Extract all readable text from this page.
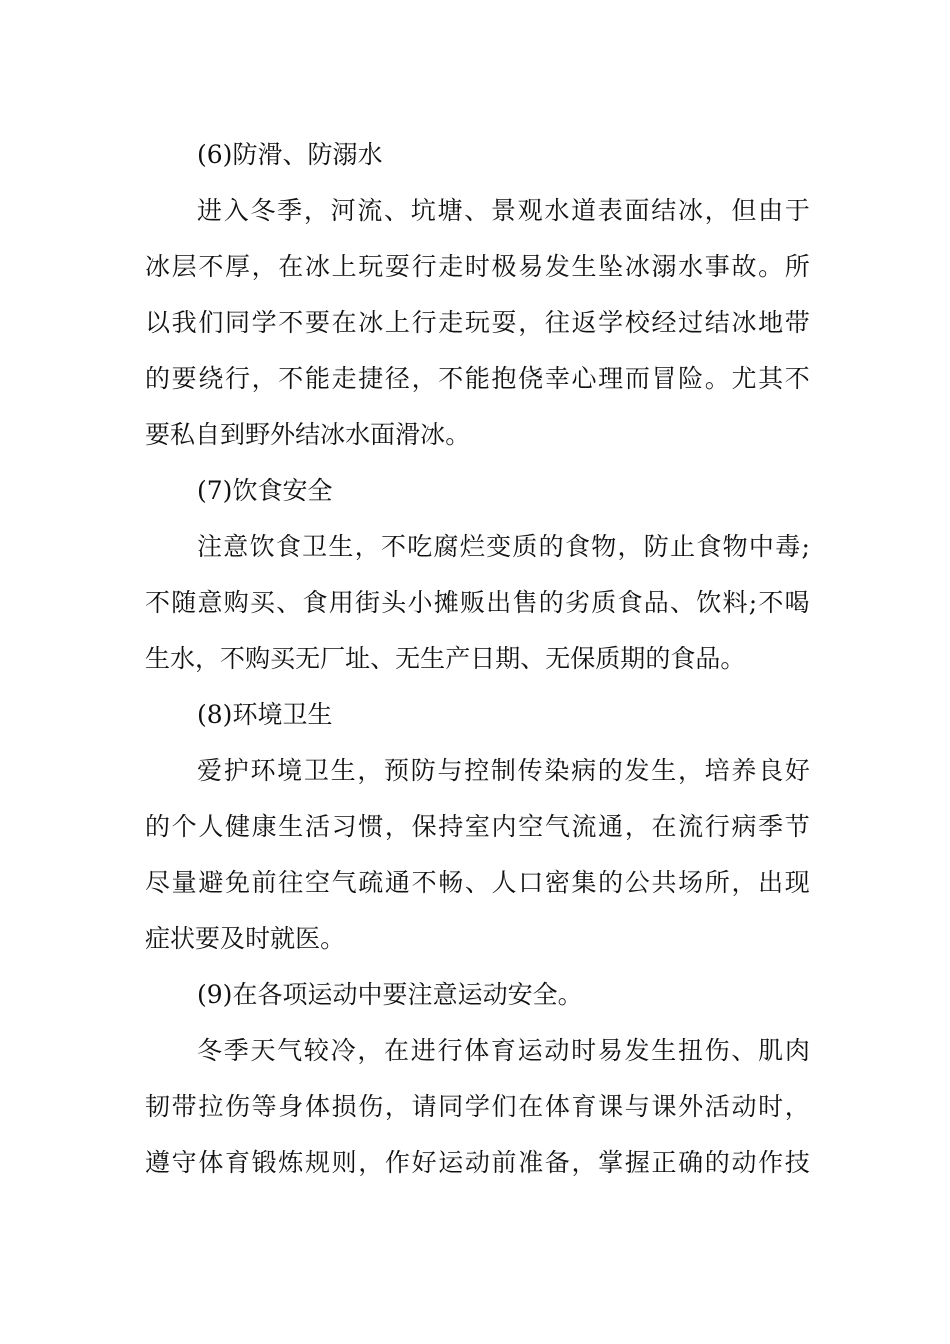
( 6 ) 防 滑 、 防 溺 水
进 入 冬 季 ， 河 流 、 坑 塘 、 景 观 水 道 表 面 结 冰 ， 但 由 于
冰 层 不 厚 ， 在 冰 上 玩 耍 行 走 时 极 易 发 生 坠 冰 溺 水 事 故 。 所
以 我 们 同 学 不 要 在 冰 上 行 走 玩 耍 ， 往 返 学 校 经 过 结 冰 地 带
的 要 绕 行 ， 不 能 走 捷 径 ， 不 能 抱 侥 幸 心 理 而 冒 险 。 尤 其 不
要 私 自 到 野 外 结 冰 水 面 滑 冰 。
( 7 ) 饮 食 安 全
注 意 饮 食 卫 生 ， 不 吃 腐 烂 变 质 的 食 物 ， 防 止 食 物 中 毒 ;
不 随 意 购 买 、 食 用 街 头 小 摊 贩 出 售 的 劣 质 食 品 、 饮 料 ; 不 喝
生 水 ， 不 购 买 无 厂 址 、 无 生 产 日 期 、 无 保 质 期 的 食 品 。
( 8 ) 环 境 卫 生
爱 护 环 境 卫 生 ， 预 防 与 控 制 传 染 病 的 发 生 ， 培 养 良 好
的 个 人 健 康 生 活 习 惯 ， 保 持 室 内 空 气 流 通 ， 在 流 行 病 季 节
尽 量 避 免 前 往 空 气 疏 通 不 畅 、 人 口 密 集 的 公 共 场 所 ， 出 现
症 状 要 及 时 就 医 。
( 9 ) 在 各 项 运 动 中 要 注 意 运 动 安 全 。
冬 季 天 气 较 冷 ， 在 进 行 体 育 运 动 时 易 发 生 扭 伤 、 肌 肉
韧 带 拉 伤 等 身 体 损 伤 ， 请 同 学 们 在 体 育 课 与 课 外 活 动 时 ，
遵 守 体 育 锻 炼 规 则 ， 作 好 运 动 前 准 备 ， 掌 握 正 确 的 动 作 技
